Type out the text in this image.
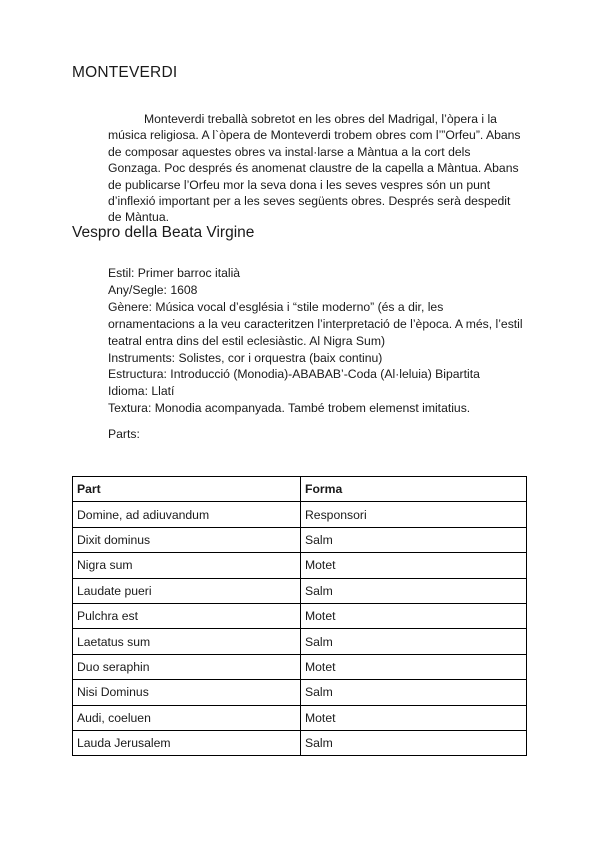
MONTEVERDI

Monteverdi treballà sobretot en les obres del Madrigal, l’òpera i la música religiosa. A l`òpera de Monteverdi trobem obres com l’”Orfeu”. Abans de composar aquestes obres va instal·larse a Màntua a la cort dels Gonzaga. Poc després és anomenat claustre de la capella a Màntua. Abans de publicarse l’Orfeu mor la seva dona i les seves vespres són un punt d’inflexió important per a les seves següents obres. Després serà despedit de Màntua.

Vespro della Beata Virgine
Estil: Primer barroc italià
Any/Segle: 1608
Gènere: Música vocal d’església i “stile moderno” (és a dir, les ornamentacions a la veu caracteritzen l’interpretació de l’època. A més, l’estil teatral entra dins del estil eclesiàstic. Al Nigra Sum)
Instruments: Solistes, cor i orquestra (baix continu)
Estructura: Introducció (Monodia)-ABABAB’-Coda (Al·leluia) Bipartita
Idioma: Llatí
Textura: Monodia acompanyada. També trobem elemenst imitatius.

Parts:

Part	Forma
Domine, ad adiuvandum	Responsori
Dixit dominus	Salm
Nigra sum	Motet
Laudate pueri	Salm
Pulchra est	Motet
Laetatus sum	Salm
Duo seraphin	Motet
Nisi Dominus	Salm
Audi, coeluen	Motet
Lauda Jerusalem	Salm
